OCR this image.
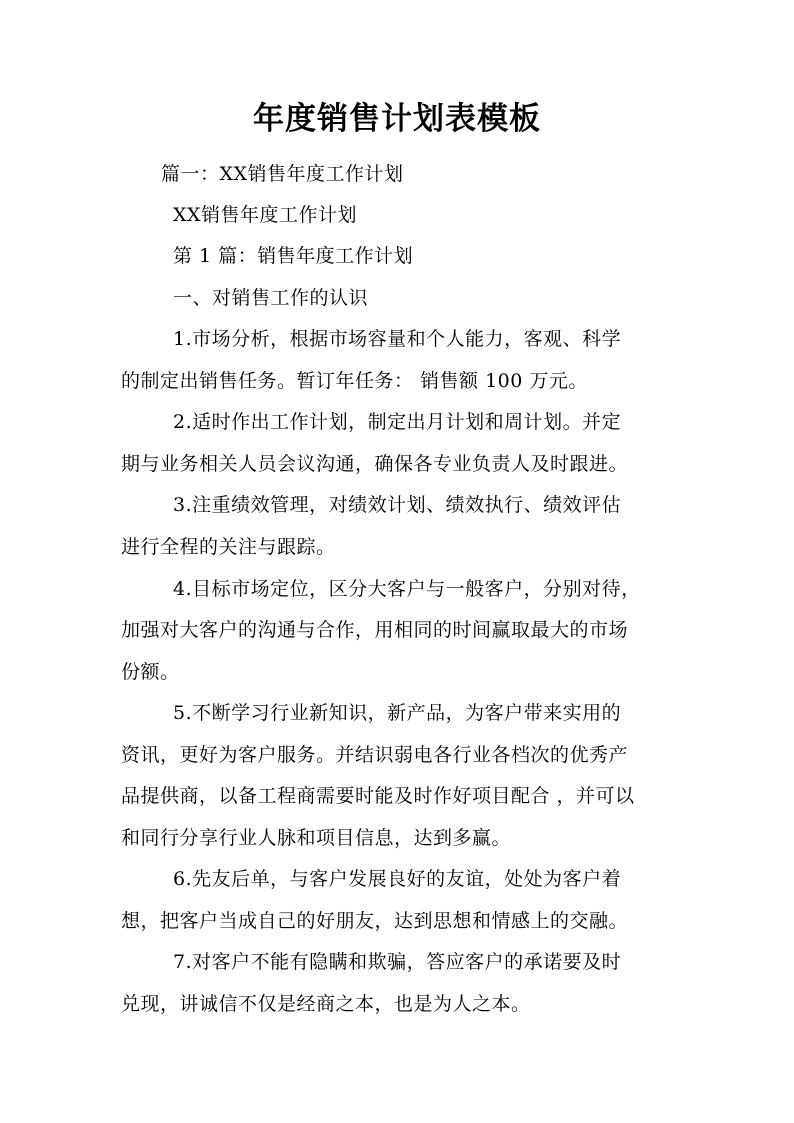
年度销售计划表模板
篇一：XX销售年度工作计划
XX销售年度工作计划
第 1 篇：销售年度工作计划
一、对销售工作的认识
1.市场分析，根据市场容量和个人能力，客观、科学
的制定出销售任务。暂订年任务： 销售额 100 万元。
2.适时作出工作计划，制定出月计划和周计划。并定
期与业务相关人员会议沟通，确保各专业负责人及时跟进。
3.注重绩效管理，对绩效计划、绩效执行、绩效评估
进行全程的关注与跟踪。
4.目标市场定位，区分大客户与一般客户，分别对待，
加强对大客户的沟通与合作，用相同的时间赢取最大的市场
份额。
5.不断学习行业新知识，新产品，为客户带来实用的
资讯，更好为客户服务。并结识弱电各行业各档次的优秀产
品提供商，以备工程商需要时能及时作好项目配合 ，并可以
和同行分享行业人脉和项目信息，达到多赢。
6.先友后单，与客户发展良好的友谊，处处为客户着
想，把客户当成自己的好朋友，达到思想和情感上的交融。
7.对客户不能有隐瞒和欺骗，答应客户的承诺要及时
兑现，讲诚信不仅是经商之本，也是为人之本。
